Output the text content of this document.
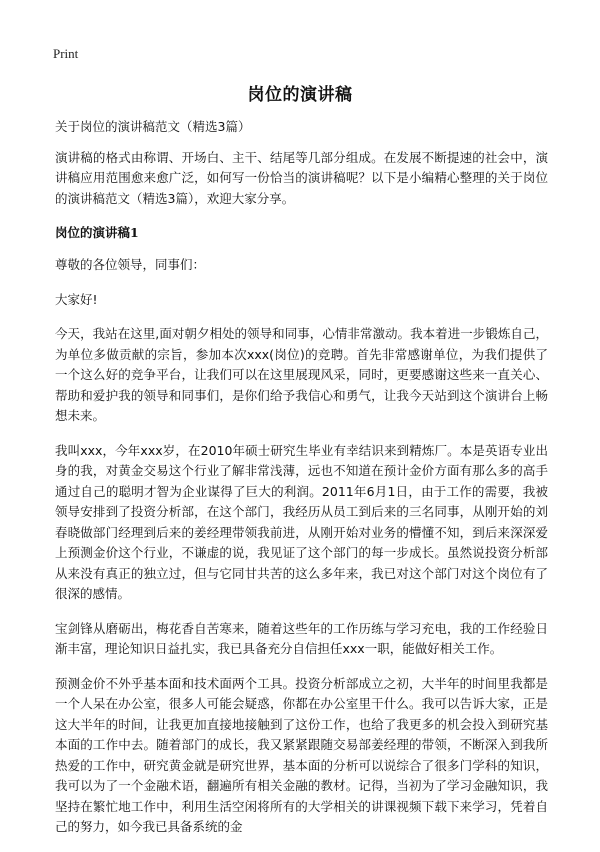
Print
岗位的演讲稿

关于岗位的演讲稿范文（精选3篇）

演讲稿的格式由称谓、开场白、主干、结尾等几部分组成。在发展不断提速的社会中，演讲稿应用范围愈来愈广泛，如何写一份恰当的演讲稿呢？以下是小编精心整理的关于岗位的演讲稿范文（精选3篇），欢迎大家分享。

岗位的演讲稿1

尊敬的各位领导，同事们：

大家好!

今天，我站在这里,面对朝夕相处的领导和同事，心情非常激动。我本着进一步锻炼自己，为单位多做贡献的宗旨，参加本次xxx(岗位)的竞聘。首先非常感谢单位，为我们提供了一个这么好的竞争平台，让我们可以在这里展现风采，同时，更要感谢这些来一直关心、帮助和爱护我的领导和同事们，是你们给予我信心和勇气，让我今天站到这个演讲台上畅想未来。

我叫xxx，今年xxx岁，在2010年硕士研究生毕业有幸结识来到精炼厂。本是英语专业出身的我，对黄金交易这个行业了解非常浅薄，远也不知道在预计金价方面有那么多的高手通过自己的聪明才智为企业谋得了巨大的利润。2011年6月1日，由于工作的需要，我被领导安排到了投资分析部，在这个部门，我经历从员工到后来的三名同事，从刚开始的刘春晓做部门经理到后来的姜经理带领我前进，从刚开始对业务的懵懂不知，到后来深深爱上预测金价这个行业，不谦虚的说，我见证了这个部门的每一步成长。虽然说投资分析部从来没有真正的独立过，但与它同甘共苦的这么多年来，我已对这个部门对这个岗位有了很深的感情。

宝剑锋从磨砺出，梅花香自苦寒来，随着这些年的工作历练与学习充电，我的工作经验日渐丰富，理论知识日益扎实，我已具备充分自信担任xxx一职，能做好相关工作。

预测金价不外乎基本面和技术面两个工具。投资分析部成立之初，大半年的时间里我都是一个人呆在办公室，很多人可能会疑惑，你都在办公室里干什么。我可以告诉大家，正是这大半年的时间，让我更加直接地接触到了这份工作，也给了我更多的机会投入到研究基本面的工作中去。随着部门的成长，我又紧紧跟随交易部姜经理的带领，不断深入到我所热爱的工作中，研究黄金就是研究世界，基本面的分析可以说综合了很多门学科的知识，我可以为了一个金融术语，翻遍所有相关金融的教材。记得，当初为了学习金融知识，我坚持在繁忙地工作中，利用生活空闲将所有的大学相关的讲课视频下载下来学习，凭着自己的努力，如今我已具备系统的金
